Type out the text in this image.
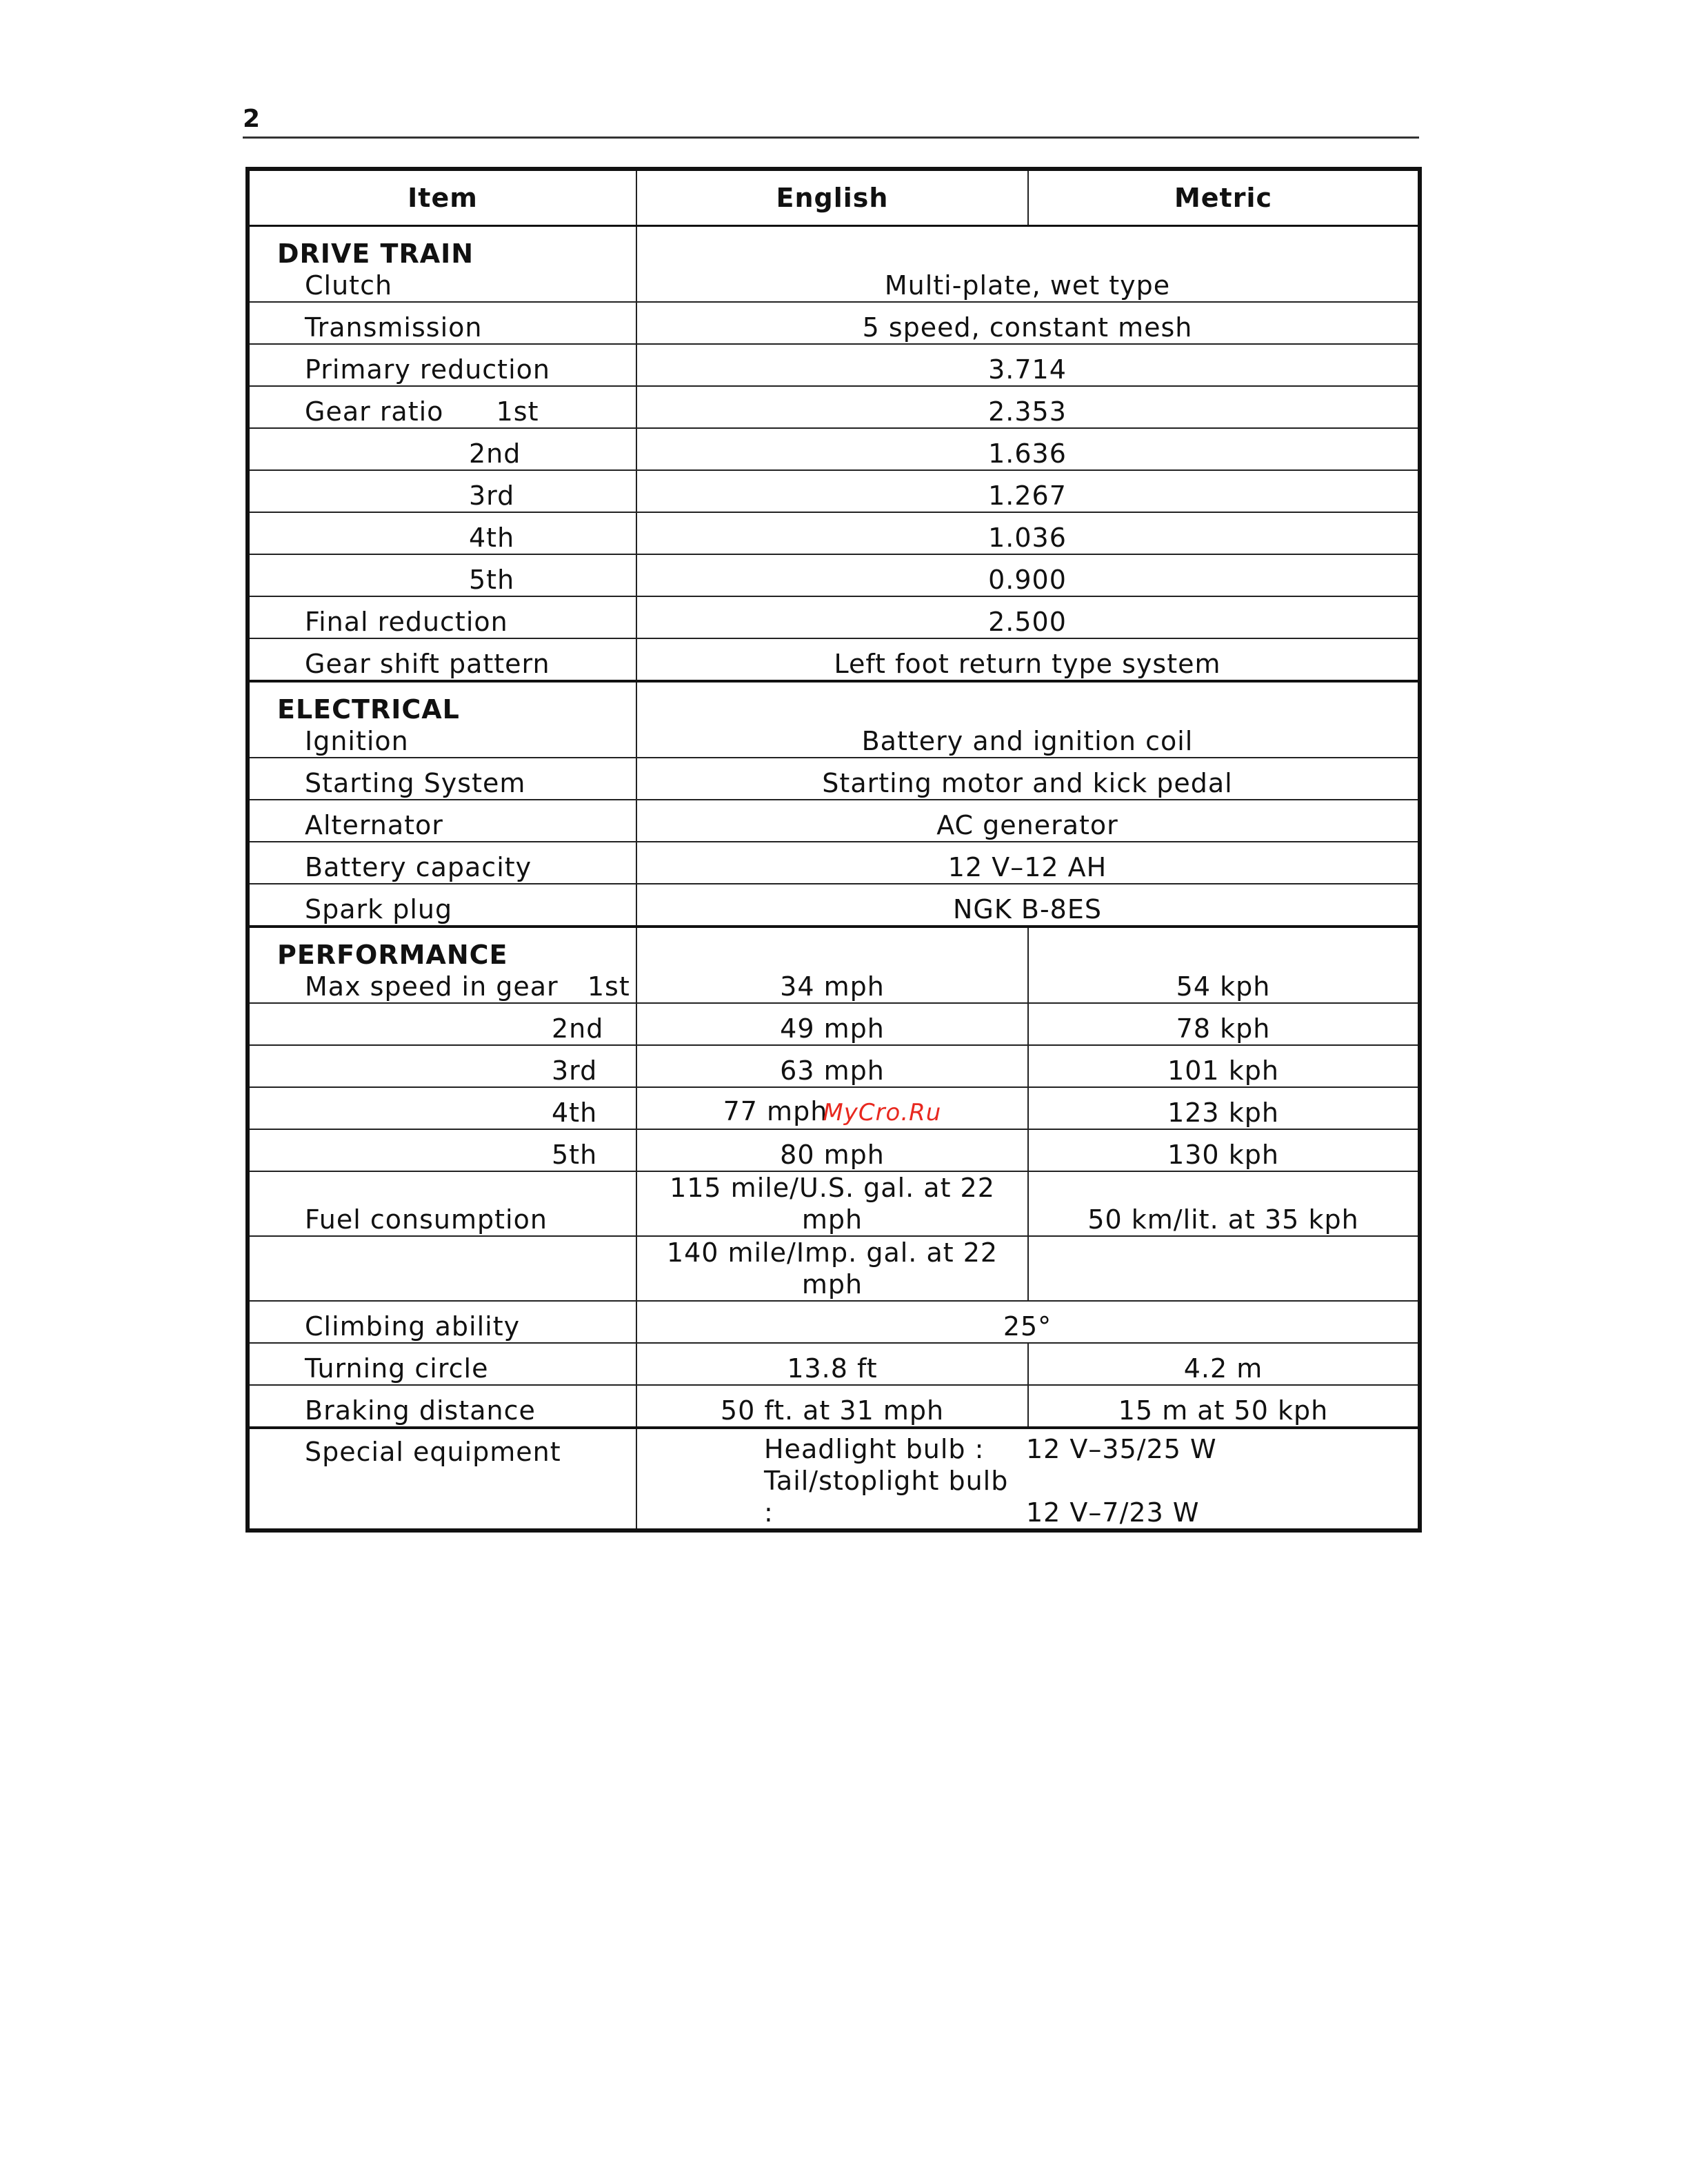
2
Item	English	Metric

DRIVE TRAIN
Clutch	Multi-plate, wet type	
Transmission	5 speed, constant mesh	
Primary reduction	3.714	
Gear ratio 1st	2.353	
2nd	1.636	
3rd	1.267	
4th	1.036	
5th	0.900	
Final reduction	2.500	
Gear shift pattern	Left foot return type system	

ELECTRICAL
Ignition	Battery and ignition coil	
Starting System	Starting motor and kick pedal	
Alternator	AC generator	
Battery capacity	12 V–12 AH	
Spark plug	NGK B-8ES	

PERFORMANCE
Max speed in gear 1st	34 mph	54 kph
2nd	49 mph	78 kph
3rd	63 mph	101 kph
4th	77 mph MyCro.Ru	123 kph
5th	80 mph	130 kph
Fuel consumption	115 mile/U.S. gal. at 22 mph	50 km/lit. at 35 kph
	140 mile/Imp. gal. at 22 mph	
Climbing ability	25°	
Turning circle	13.8 ft	4.2 m
Braking distance	50 ft. at 31 mph	15 m at 50 kph
Special equipment	Headlight bulb : 12 V–35/25 W
Tail/stoplight bulb : 12 V–7/23 W	
